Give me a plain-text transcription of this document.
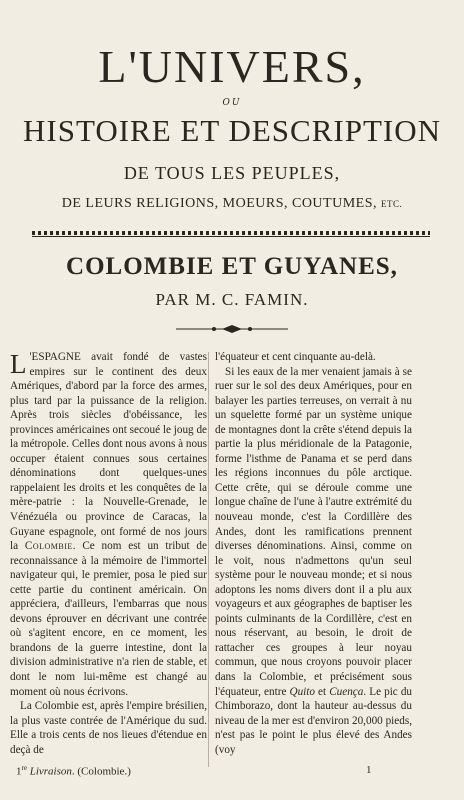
L'UNIVERS,
OU
HISTOIRE ET DESCRIPTION
DE TOUS LES PEUPLES,
DE LEURS RELIGIONS, MOEURS, COUTUMES, ETC.
COLOMBIE ET GUYANES,
PAR M. C. FAMIN.

L 'ESPAGNE avait fondé de vastes empires sur le continent des deux Amériques, d'abord par la force des armes, plus tard par la puissance de la religion. Après trois siècles d'obéissance, les provinces américaines ont secoué le joug de la métropole. Celles dont nous avons à nous occuper étaient connues sous certaines dénominations dont quelques-unes rappelaient les droits et les conquêtes de la mère-patrie : la Nouvelle-Grenade, le Vénézuéla ou province de Caracas, la Guyane espagnole, ont formé de nos jours la Colombie. Ce nom est un tribut de reconnaissance à la mémoire de l'immortel navigateur qui, le premier, posa le pied sur cette partie du continent américain. On appréciera, d'ailleurs, l'embarras que nous devons éprouver en décrivant une contrée où s'agitent encore, en ce moment, les brandons de la guerre intestine, dont la division administrative n'a rien de stable, et dont le nom lui-même est changé au moment où nous écrivons.

La Colombie est, après l'empire brésilien, la plus vaste contrée de l'Amérique du sud. Elle a trois cents de nos lieues d'étendue en deçà de

l'équateur et cent cinquante au-delà.

Si les eaux de la mer venaient jamais à se ruer sur le sol des deux Amériques, pour en balayer les parties terreuses, on verrait à nu un squelette formé par un système unique de montagnes dont la crête s'étend depuis la partie la plus méridionale de la Patagonie, forme l'isthme de Panama et se perd dans les régions inconnues du pôle arctique. Cette crête, qui se déroule comme une longue chaîne de l'une à l'autre extrémité du nouveau monde, c'est la Cordillère des Andes, dont les ramifications prennent diverses dénominations. Ainsi, comme on le voit, nous n'admettons qu'un seul système pour le nouveau monde; et si nous adoptons les noms divers dont il a plu aux voyageurs et aux géographes de baptiser les points culminants de la Cordillère, c'est en nous réservant, au besoin, le droit de rattacher ces groupes à leur noyau commun, que nous croyons pouvoir placer dans la Colombie, et précisément sous l'équateur, entre Quito et Cuença. Le pic du Chimborazo, dont la hauteur au-dessus du niveau de la mer est d'environ 20,000 pieds, n'est pas le point le plus élevé des Andes (voy

1re Livraison. (Colombie.)	1
